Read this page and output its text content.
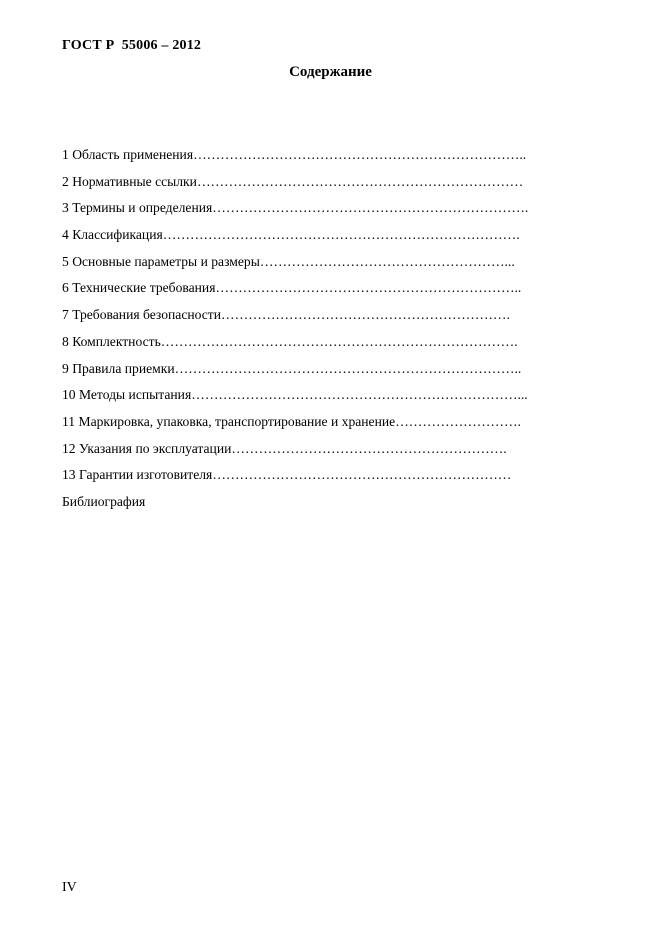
ГОСТ Р  55006 – 2012
Содержание
1 Область применения………………………………………………………………..
2 Нормативные ссылки………………………………………………………………
3 Термины и определения…………………………………………………………….
4 Классификация…………………………………………………………………….
5 Основные параметры и размеры………………………………………………...
6 Технические требования…………………………………………………………..
7 Требования безопасности……………………………………………………….
8 Комплектность…………………………………………………………………….
9 Правила приемки…………………………………………………………………..
10 Методы испытания………………………………………………………………...
11 Маркировка, упаковка, транспортирование и хранение……………………….
12 Указания по эксплуатации…………………………………………………….
13 Гарантии изготовителя…………………………………………………………
Библиография
IV
